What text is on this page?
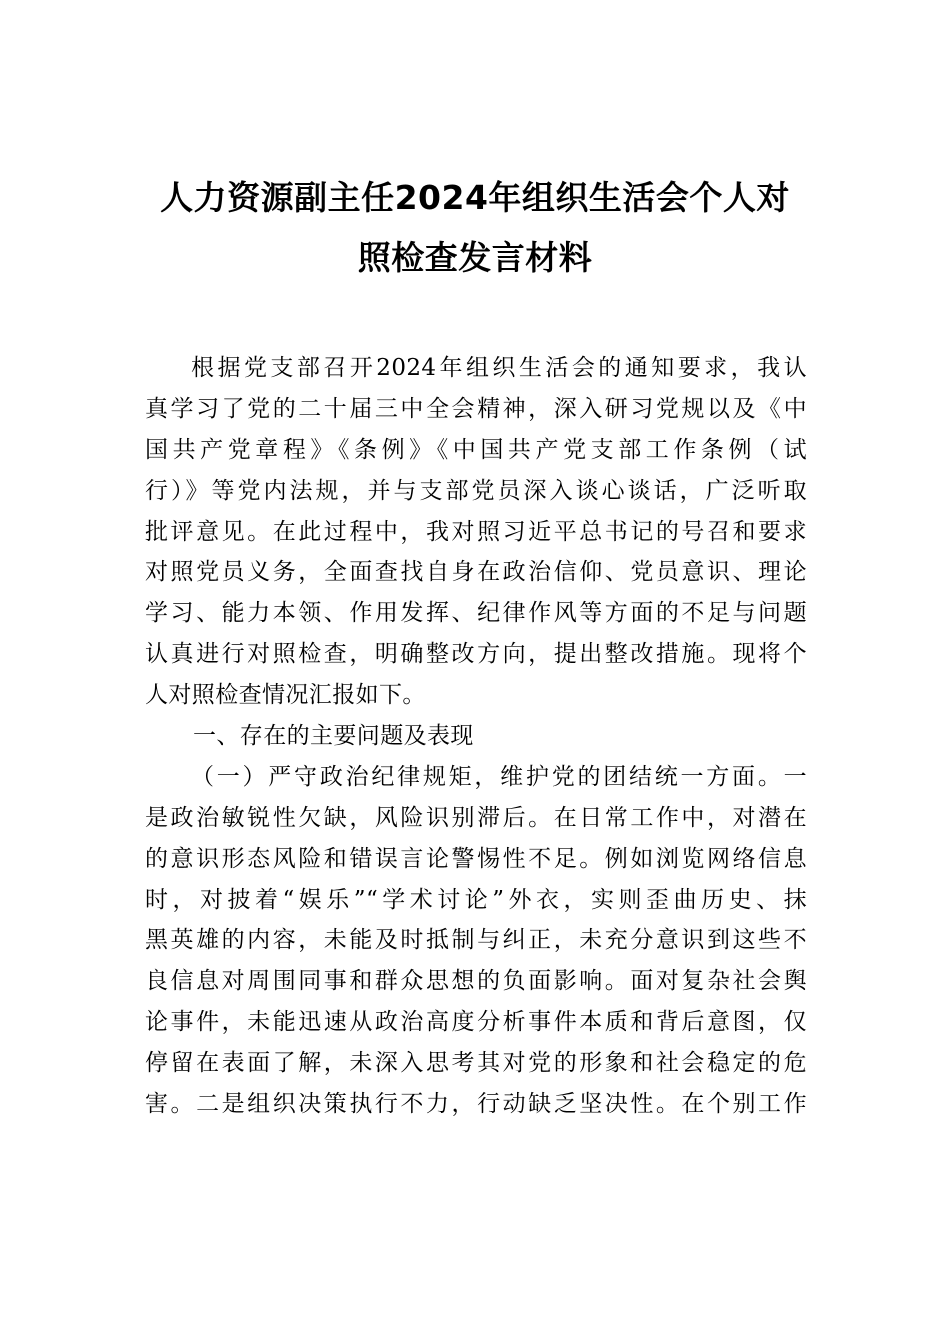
人力资源副主任2024年组织生活会个人对
照检查发言材料
根据党支部召开2024年组织生活会的通知要求，我认
真学习了党的二十届三中全会精神，深入研习党规以及《中
国共产党章程》《条例》《中国共产党支部工作条例（试
行）》等党内法规，并与支部党员深入谈心谈话，广泛听取
批评意见。在此过程中，我对照习近平总书记的号召和要求
对照党员义务，全面查找自身在政治信仰、党员意识、理论
学习、能力本领、作用发挥、纪律作风等方面的不足与问题
认真进行对照检查，明确整改方向，提出整改措施。现将个
人对照检查情况汇报如下。
一、存在的主要问题及表现
（一）严守政治纪律规矩，维护党的团结统一方面。一
是政治敏锐性欠缺，风险识别滞后。在日常工作中，对潜在
的意识形态风险和错误言论警惕性不足。例如浏览网络信息
时，对披着“娱乐”“学术讨论”外衣，实则歪曲历史、抹
黑英雄的内容，未能及时抵制与纠正，未充分意识到这些不
良信息对周围同事和群众思想的负面影响。面对复杂社会舆
论事件，未能迅速从政治高度分析事件本质和背后意图，仅
停留在表面了解，未深入思考其对党的形象和社会稳定的危
害。二是组织决策执行不力，行动缺乏坚决性。在个别工作
